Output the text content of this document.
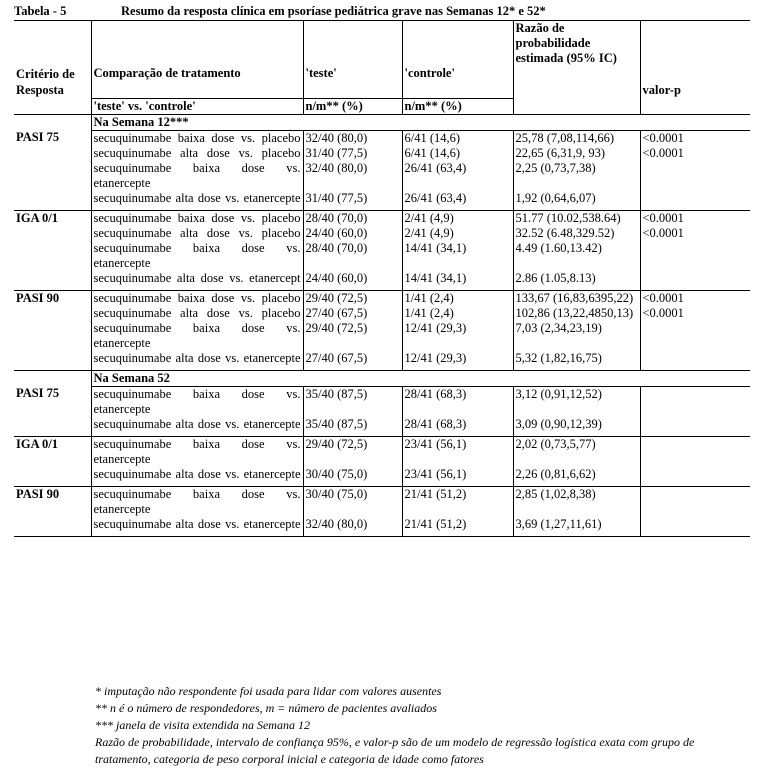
Tabela - 5	Resumo da resposta clínica em psoríase pediátrica grave nas Semanas 12* e 52*
				Razão de probabilidade estimada (95% IC)	
Critério de Resposta	Comparação de tratamento	'teste'	'controle'		valor-p
	'teste' vs. 'controle'	n/m** (%)	n/m** (%)		
	Na Semana 12***				
PASI 75	secuquinumabe baixa dose vs. placebo	32/40 (80,0)	6/41 (14,6)	25,78 (7,08,114,66)	<0.0001
	secuquinumabe alta dose vs. placebo	31/40 (77,5)	6/41 (14,6)	22,65 (6,31,9, 93)	<0.0001
	secuquinumabe baixa dose vs. etanercepte	32/40 (80,0)	26/41 (63,4)	2,25 (0,73,7,38)	
	secuquinumabe alta dose vs. etanercepte	31/40 (77,5)	26/41 (63,4)	1,92 (0,64,6,07)	
IGA 0/1	secuquinumabe baixa dose vs. placebo	28/40 (70,0)	2/41 (4,9)	51.77 (10.02,538.64)	<0.0001
	secuquinumabe alta dose vs. placebo	24/40 (60,0)	2/41 (4,9)	32.52 (6.48,329.52)	<0.0001
	secuquinumabe baixa dose vs. etanercepte	28/40 (70,0)	14/41 (34,1)	4.49 (1.60,13.42)	
	secuquinumabe alta dose vs. etanercept	24/40 (60,0)	14/41 (34,1)	2.86 (1.05,8.13)	
PASI 90	secuquinumabe baixa dose vs. placebo	29/40 (72,5)	1/41 (2,4)	133,67 (16,83,6395,22)	<0.0001
	secuquinumabe alta dose vs. placebo	27/40 (67,5)	1/41 (2,4)	102,86 (13,22,4850,13)	<0.0001
	secuquinumabe baixa dose vs. etanercepte	29/40 (72,5)	12/41 (29,3)	7,03 (2,34,23,19)	
	secuquinumabe alta dose vs. etanercepte	27/40 (67,5)	12/41 (29,3)	5,32 (1,82,16,75)	
	Na Semana 52				
PASI 75	secuquinumabe baixa dose vs. etanercepte	35/40 (87,5)	28/41 (68,3)	3,12 (0,91,12,52)	
	secuquinumabe alta dose vs. etanercepte	35/40 (87,5)	28/41 (68,3)	3,09 (0,90,12,39)	
IGA 0/1	secuquinumabe baixa dose vs. etanercepte	29/40 (72,5)	23/41 (56,1)	2,02 (0,73,5,77)	
	secuquinumabe alta dose vs. etanercepte	30/40 (75,0)	23/41 (56,1)	2,26 (0,81,6,62)	
PASI 90	secuquinumabe baixa dose vs. etanercepte	30/40 (75,0)	21/41 (51,2)	2,85 (1,02,8,38)	
	secuquinumabe alta dose vs. etanercepte	32/40 (80,0)	21/41 (51,2)	3,69 (1,27,11,61)	
* imputação não respondente foi usada para lidar com valores ausentes
** n é o número de respondedores, m = número de pacientes avaliados
*** janela de visita extendida na Semana 12
Razão de probabilidade, intervalo de confiança 95%, e valor-p são de um modelo de regressão logística exata com grupo de tratamento, categoria de peso corporal inicial e categoria de idade como fatores
